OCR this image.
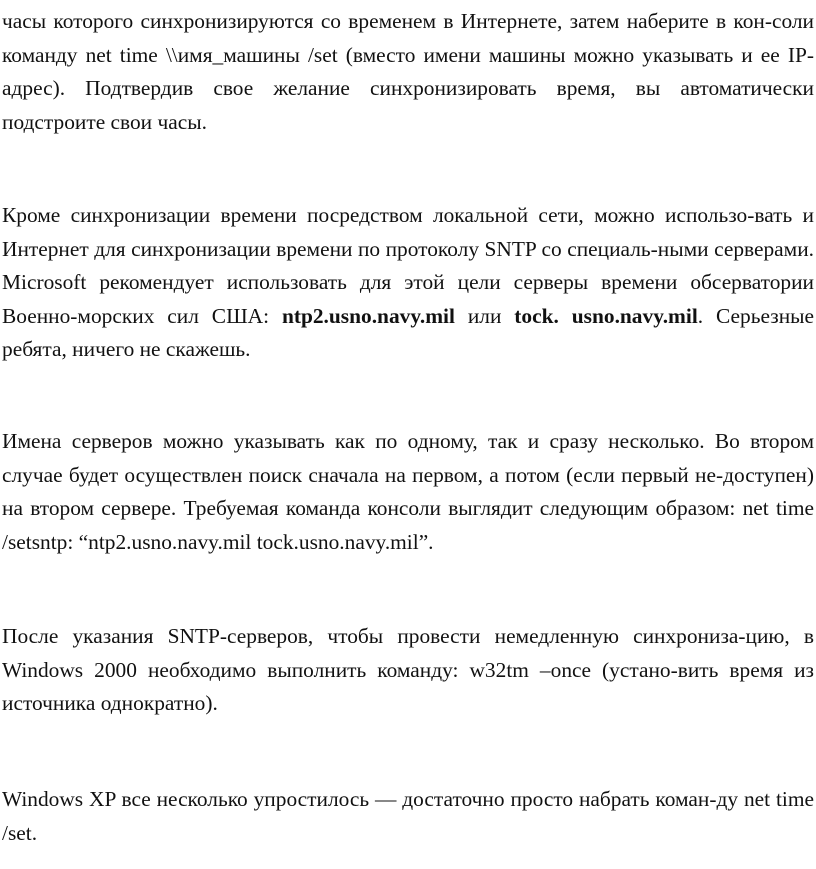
часы которого синхронизируются со временем в Интернете, затем наберите в кон-соли команду net time \\имя_машины /set (вместо имени машины можно указывать и ее IP-адрес). Подтвердив свое желание синхронизировать время, вы автоматически подстроите свои часы.

Кроме синхронизации времени посредством локальной сети, можно использо-вать и Интернет для синхронизации времени по протоколу SNTP со специаль-ными серверами. Microsoft рекомендует использовать для этой цели серверы времени обсерватории Военно-морских сил США: ntp2.usno.navy.mil или tock. usno.navy.mil. Серьезные ребята, ничего не скажешь.

Имена серверов можно указывать как по одному, так и сразу несколько. Во втором случае будет осуществлен поиск сначала на первом, а потом (если первый не-доступен) на втором сервере. Требуемая команда консоли выглядит следующим образом: net time /setsntp: “ntp2.usno.navy.mil tock.usno.navy.mil”.

После указания SNTP-серверов, чтобы провести немедленную синхрониза-цию, в Windows 2000 необходимо выполнить команду: w32tm –once (устано-вить время из источника однократно).

Windows XP все несколько упростилось — достаточно просто набрать коман-ду net time /set.
